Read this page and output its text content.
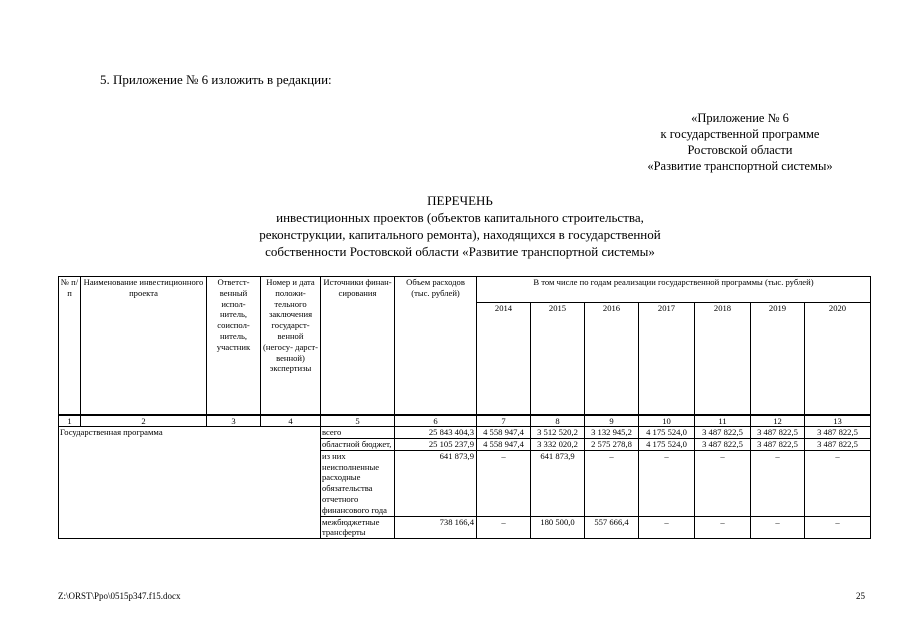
5. Приложение № 6 изложить в редакции:
«Приложение № 6
к государственной программе
Ростовской области
«Развитие транспортной системы»
ПЕРЕЧЕНЬ
инвестиционных проектов (объектов капитального строительства,
реконструкции, капитального ремонта), находящихся в государственной
собственности Ростовской области «Развитие транспортной системы»
№ п/п	Наименование инвестиционного проекта	Ответст- венный испол- нитель, соиспол- нитель, участник	Номер и дата положи- тельного заключения государст- венной (негосу- дарст- венной) экспертизы	Источники финан- сирования	Объем расходов (тыс. рублей)	В том числе по годам реализации государственной программы (тыс. рублей)						
						2014	2015	2016	2017	2018	2019	2020
1	2	3	4	5	6	7	8	9	10	11	12	13
Государственная программа				всего	25 843 404,3	4 558 947,4	3 512 520,2	3 132 945,2	4 175 524,0	3 487 822,5	3 487 822,5	3 487 822,5
				областной бюджет,	25 105 237,9	4 558 947,4	3 332 020,2	2 575 278,8	4 175 524,0	3 487 822,5	3 487 822,5	3 487 822,5
				из них неисполненные расходные обязательства отчетного финансового года	641 873,9	–	641 873,9	–	–	–	–	–
				межбюджетные трансферты	738 166,4	–	180 500,0	557 666,4	–	–	–	–
Z:\ORST\Ppo\0515p347.f15.docx	25
